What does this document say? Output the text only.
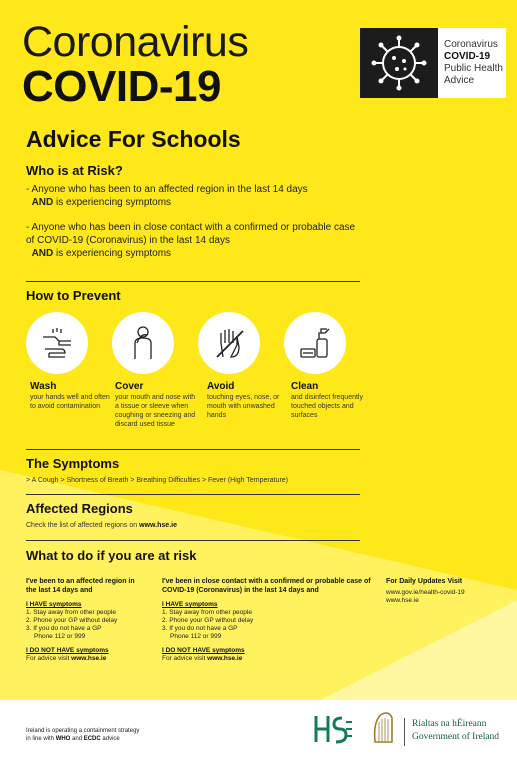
Coronavirus
COVID-19
Coronavirus
COVID-19
Public Health
Advice
Advice For Schools
Who is at Risk?
- Anyone who has been to an affected region in the last 14 days
AND is experiencing symptoms
- Anyone who has been in close contact with a confirmed or probable case of COVID-19 (Coronavirus) in the last 14 days
AND is experiencing symptoms
How to Prevent
Wash
your hands well and often to avoid contamination
Cover
your mouth and nose with a tissue or sleeve when coughing or sneezing and discard used tissue
Avoid
touching eyes, nose, or mouth with unwashed hands
Clean
and disinfect frequently touched objects and surfaces
The Symptoms
> A Cough > Shortness of Breath > Breathing Difficulties > Fever (High Temperature)
Affected Regions
Check the list of affected regions on www.hse.ie
What to do if you are at risk
I've been to an affected region in the last 14 days and
I HAVE symptoms
1. Stay away from other people
2. Phone your GP without delay
3. If you do not have a GP
Phone 112 or 999
I DO NOT HAVE symptoms
For advice visit www.hse.ie
I've been in close contact with a confirmed or probable case of COVID-19 (Coronavirus) in the last 14 days and
I HAVE symptoms
1. Stay away from other people
2. Phone your GP without delay
3. If you do not have a GP
Phone 112 or 999
I DO NOT HAVE symptoms
For advice visit www.hse.ie
For Daily Updates Visit
www.gov.ie/health-covid-19
www.hse.ie
Ireland is operating a containment strategy
in line with WHO and ECDC advice
Rialtas na hÉireann
Government of Ireland
